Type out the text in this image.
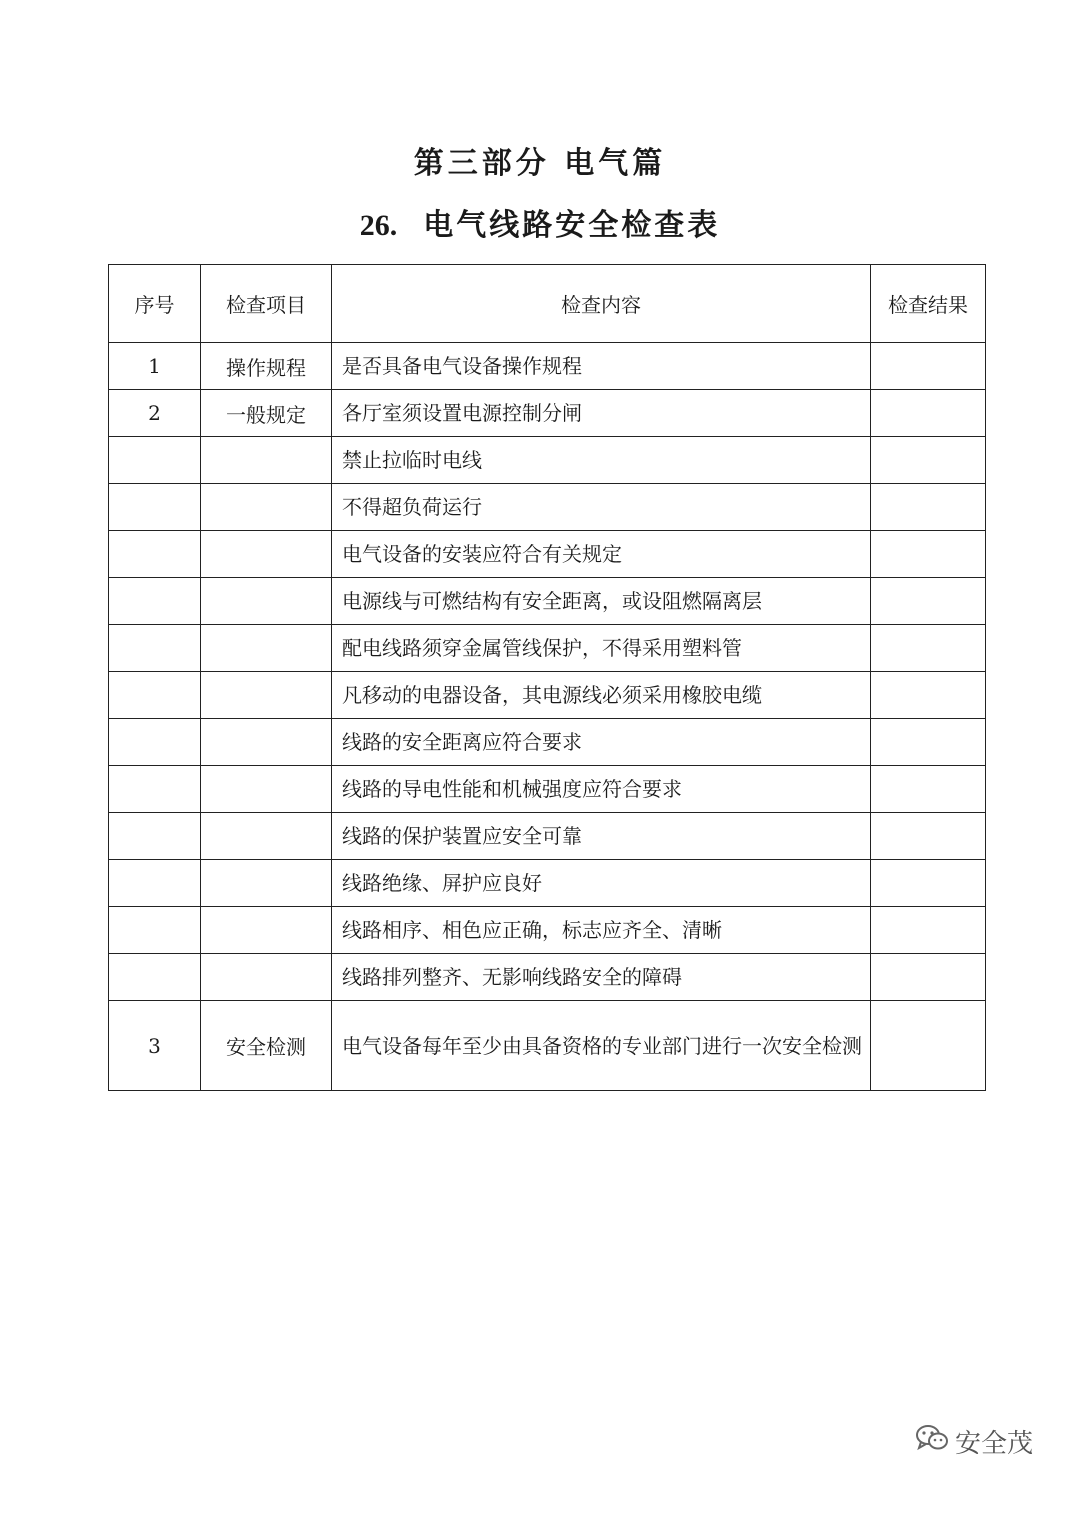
第三部分 电气篇
26. 电气线路安全检查表
序号	检查项目	检查内容	检查结果
1	操作规程	是否具备电气设备操作规程	
2	一般规定	各厅室须设置电源控制分闸	
		禁止拉临时电线	
		不得超负荷运行	
		电气设备的安装应符合有关规定	
		电源线与可燃结构有安全距离，或设阻燃隔离层	
		配电线路须穿金属管线保护，不得采用塑料管	
		凡移动的电器设备，其电源线必须采用橡胶电缆	
		线路的安全距离应符合要求	
		线路的导电性能和机械强度应符合要求	
		线路的保护装置应安全可靠	
		线路绝缘、屏护应良好	
		线路相序、相色应正确，标志应齐全、清晰	
		线路排列整齐、无影响线路安全的障碍	
3	安全检测	电气设备每年至少由具备资格的专业部门进行一次安全检测	
安全茂
